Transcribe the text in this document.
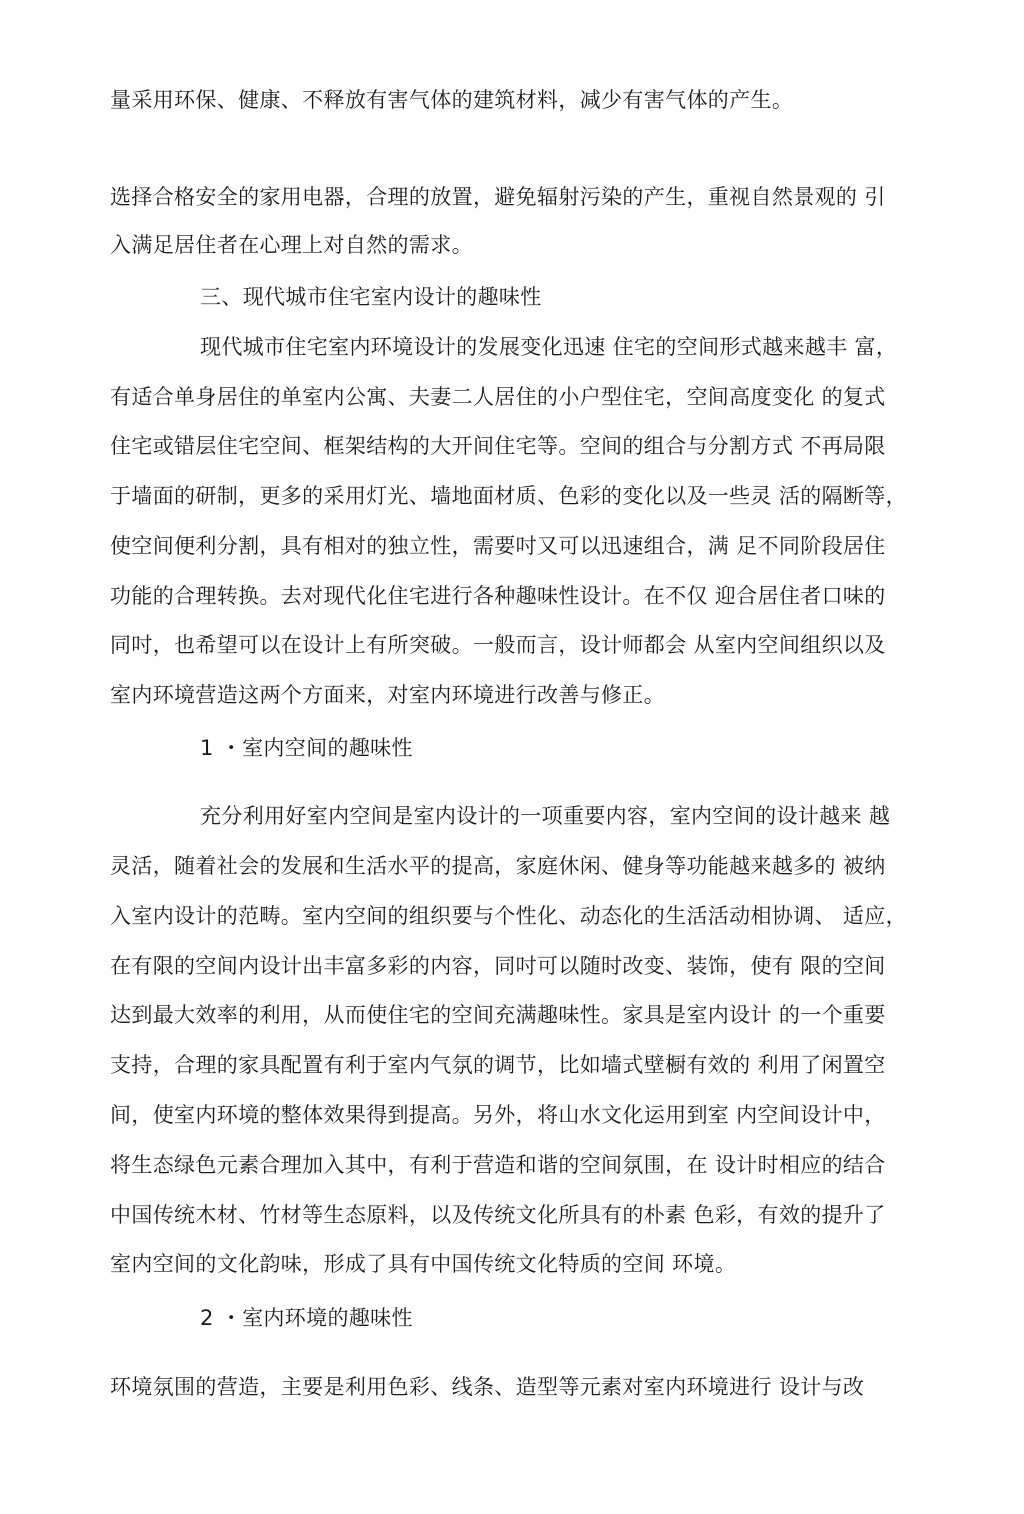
量采用环保、健康、不释放有害气体的建筑材料，减少有害气体的产生。
选择合格安全的家用电器，合理的放置，避免辐射污染的产生，重视自然景观的 引
入满足居住者在心理上对自然的需求。
三、现代城市住宅室内设计的趣味性
现代城市住宅室内环境设计的发展变化迅速 住宅的空间形式越来越丰 富，
有适合单身居住的单室内公寓、夫妻二人居住的小户型住宅，空间高度变化 的复式
住宅或错层住宅空间、框架结构的大开间住宅等。空间的组合与分割方式 不再局限
于墙面的研制，更多的采用灯光、墙地面材质、色彩的变化以及一些灵 活的隔断等，
使空间便利分割，具有相对的独立性，需要吋又可以迅速组合，满 足不同阶段居住
功能的合理转换。去对现代化住宅进行各种趣味性设计。在不仅 迎合居住者口味的
同吋，也希望可以在设计上有所突破。一般而言，设计师都会 从室内空间组织以及
室内环境营造这两个方面来，对室内环境进行改善与修正。
1 ・室内空间的趣味性
充分利用好室内空间是室内设计的一项重要内容，室内空间的设计越来 越
灵活，随着社会的发展和生活水平的提高，家庭休闲、健身等功能越来越多的 被纳
入室内设计的范畴。室内空间的组织要与个性化、动态化的生活活动相协调、 适应，
在有限的空间内设计出丰富多彩的内容，同吋可以随时改变、装饰，使有 限的空间
达到最大效率的利用，从而使住宅的空间充满趣味性。家具是室内设计 的一个重要
支持，合理的家具配置有利于室内气氛的调节，比如墙式壁橱有效的 利用了闲置空
间，使室内环境的整体效果得到提高。另外，将山水文化运用到室 内空间设计中，
将生态绿色元素合理加入其中，有利于营造和谐的空间氛围，在 设计时相应的结合
中国传统木材、竹材等生态原料，以及传统文化所具有的朴素 色彩，有效的提升了
室内空间的文化韵味，形成了具有中国传统文化特质的空间 环境。
2 ・室内环境的趣味性
环境氛围的营造，主要是利用色彩、线条、造型等元素对室内环境进行 设计与改
